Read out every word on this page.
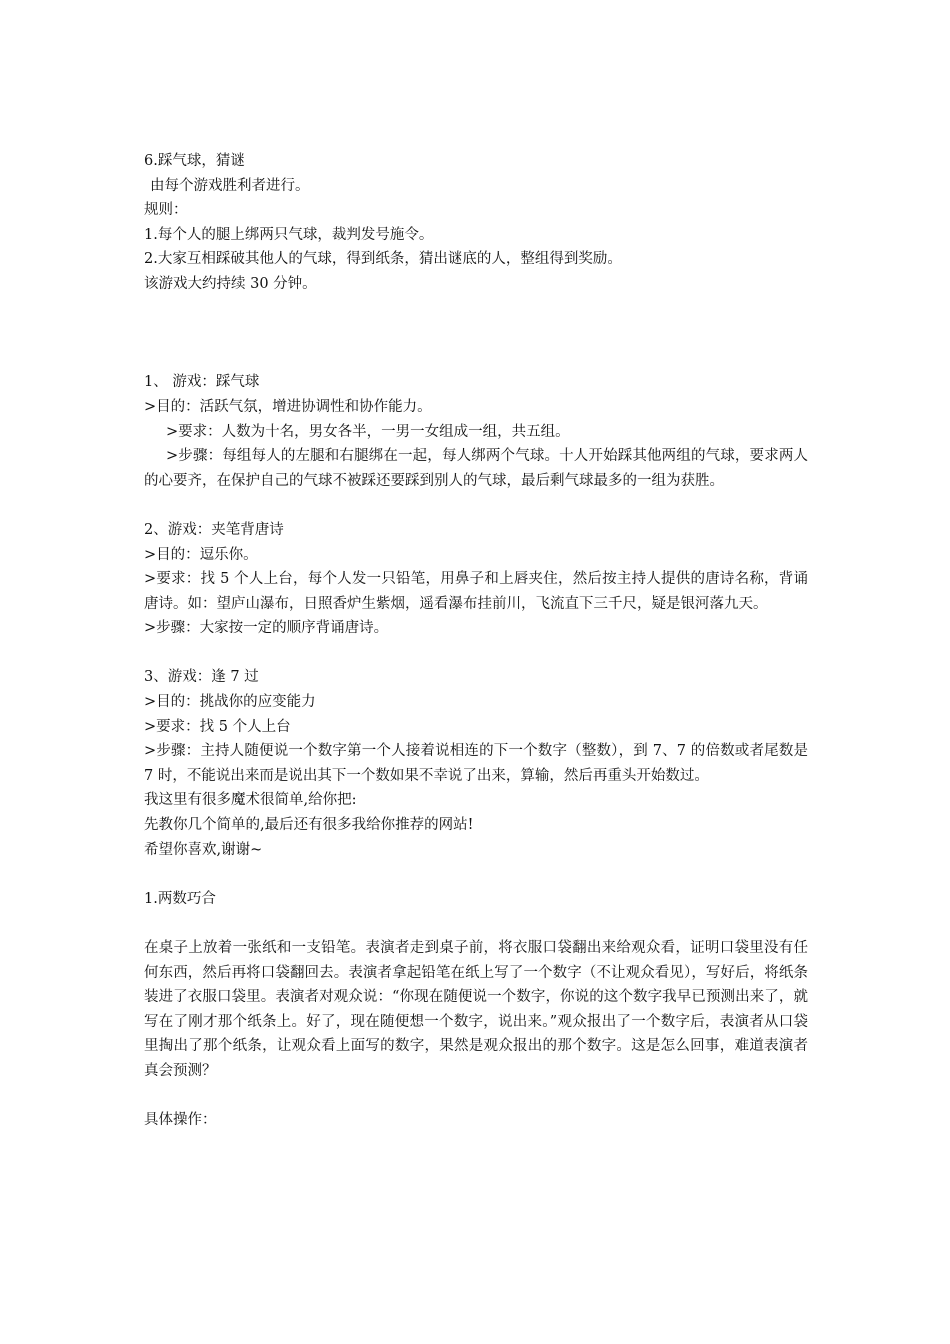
6.踩气球，猜谜
由每个游戏胜利者进行。
规则：
1.每个人的腿上绑两只气球，裁判发号施令。
2.大家互相踩破其他人的气球，得到纸条，猜出谜底的人，整组得到奖励。
该游戏大约持续 30 分钟。
1、 游戏：踩气球
>目的：活跃气氛，增进协调性和协作能力。
>要求：人数为十名，男女各半，一男一女组成一组，共五组。
>步骤：每组每人的左腿和右腿绑在一起，每人绑两个气球。十人开始踩其他两组的气球，要求两人的心要齐，在保护自己的气球不被踩还要踩到别人的气球，最后剩气球最多的一组为获胜。
2、游戏：夹笔背唐诗
>目的：逗乐你。
>要求：找 5 个人上台，每个人发一只铅笔，用鼻子和上唇夹住，然后按主持人提供的唐诗名称，背诵唐诗。如：望庐山瀑布，日照香炉生紫烟，遥看瀑布挂前川，飞流直下三千尺，疑是银河落九天。
>步骤：大家按一定的顺序背诵唐诗。
3、游戏：逢 7 过
>目的：挑战你的应变能力
>要求：找 5 个人上台
>步骤：主持人随便说一个数字第一个人接着说相连的下一个数字（整数），到 7、7 的倍数或者尾数是 7 时，不能说出来而是说出其下一个数如果不幸说了出来，算输，然后再重头开始数过。
我这里有很多魔术很简单,给你把:
先教你几个简单的,最后还有很多我给你推荐的网站!
希望你喜欢,谢谢~
1.两数巧合
在桌子上放着一张纸和一支铅笔。表演者走到桌子前，将衣服口袋翻出来给观众看，证明口袋里没有任何东西，然后再将口袋翻回去。表演者拿起铅笔在纸上写了一个数字（不让观众看见），写好后，将纸条装进了衣服口袋里。表演者对观众说：“你现在随便说一个数字，你说的这个数字我早已预测出来了，就写在了刚才那个纸条上。好了，现在随便想一个数字，说出来。”观众报出了一个数字后，表演者从口袋里掏出了那个纸条，让观众看上面写的数字，果然是观众报出的那个数字。这是怎么回事，难道表演者真会预测？
具体操作：
